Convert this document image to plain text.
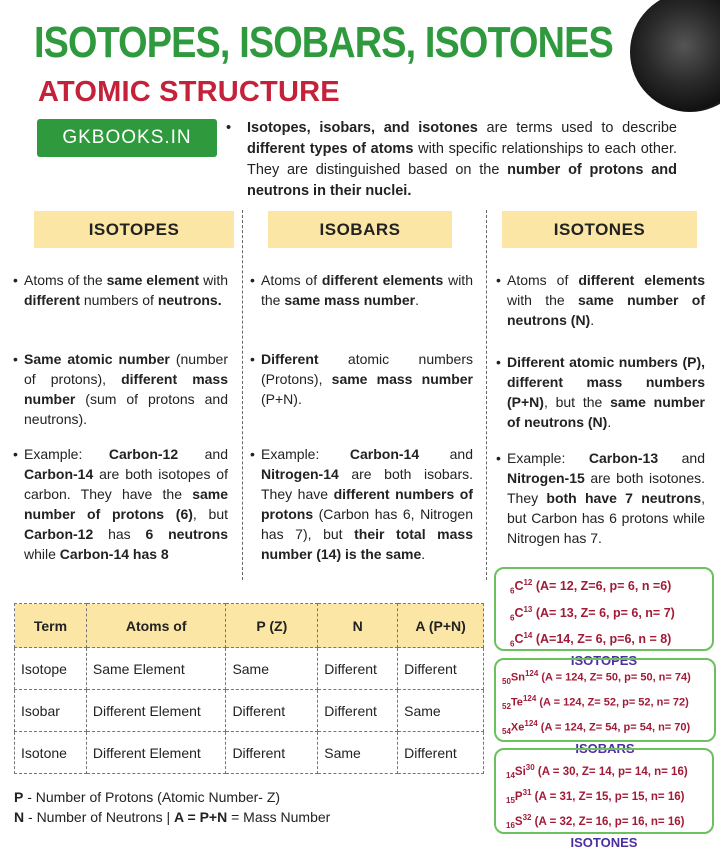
ISOTOPES, ISOBARS, ISOTONES
ATOMIC STRUCTURE
GKBOOKS.IN	•	Isotopes, isobars, and isotones are terms used to describe different types of atoms with specific relationships to each other. They are distinguished based on the number of protons and neutrons in their nuclei.

ISOTOPES	ISOBARS	ISOTONES
• Atoms of the same element with different numbers of neutrons.
• Same atomic number (number of protons), different mass number (sum of protons and neutrons).
• Example: Carbon-12 and Carbon-14 are both isotopes of carbon. They have the same number of protons (6), but Carbon-12 has 6 neutrons while Carbon-14 has 8
• Atoms of different elements with the same mass number.
• Different atomic numbers (Protons), same mass number (P+N).
• Example: Carbon-14 and Nitrogen-14 are both isobars. They have different numbers of protons (Carbon has 6, Nitrogen has 7), but their total mass number (14) is the same.
• Atoms of different elements with the same number of neutrons (N).
• Different atomic numbers (P), different mass numbers (P+N), but the same number of neutrons (N).
• Example: Carbon-13 and Nitrogen-15 are both isotones. They both have 7 neutrons, but Carbon has 6 protons while Nitrogen has 7.
Term	Atoms of	P (Z)	N	A (P+N)
Isotope	Same Element	Same	Different	Different
Isobar	Different Element	Different	Different	Same
Isotone	Different Element	Different	Same	Different
P - Number of Protons (Atomic Number- Z)
N - Number of Neutrons | A = P+N = Mass Number
$_6C^{12}$ (A= 12, Z=6, p= 6, n =6)
$_6C^{13}$ (A= 13, Z= 6, p= 6, n= 7)
$_6C^{14}$ (A=14, Z= 6, p=6, n = 8)
ISOTOPES
$_{50}Sn^{124}$ (A = 124, Z= 50, p= 50, n= 74)
$_{52}Te^{124}$ (A = 124, Z= 52, p= 52, n= 72)
$_{54}Xe^{124}$ (A = 124, Z= 54, p= 54, n= 70)
ISOBARS
$_{14}Si^{30}$ (A = 30, Z= 14, p= 14, n= 16)
$_{15}P^{31}$ (A = 31, Z= 15, p= 15, n= 16)
$_{16}S^{32}$ (A = 32, Z= 16, p= 16, n= 16)
ISOTONES
